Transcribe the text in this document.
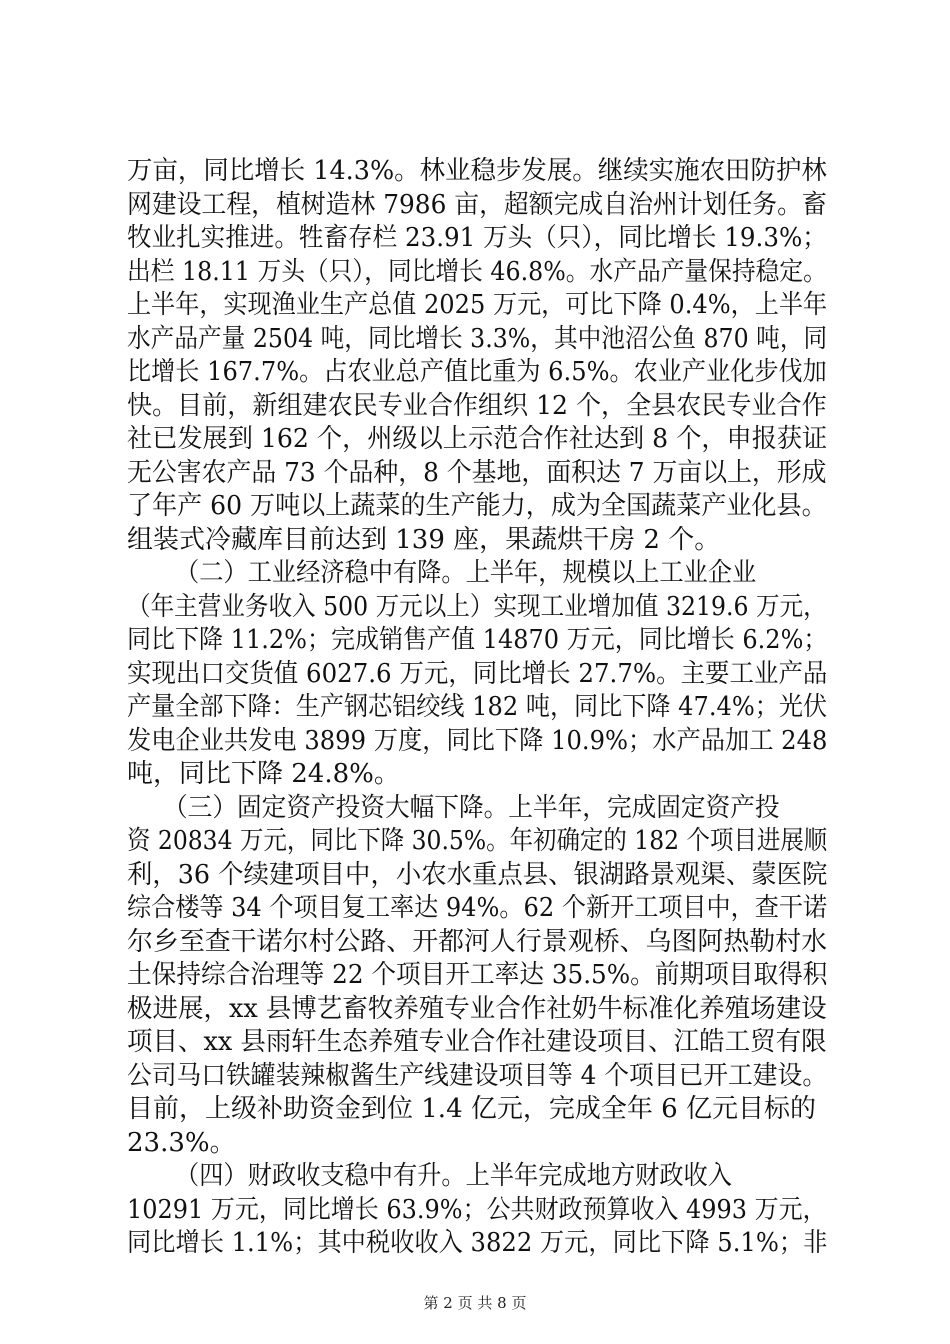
万亩，同比增长 14.3%。林业稳步发展。继续实施农田防护林
网建设工程，植树造林 7986 亩，超额完成自治州计划任务。畜
牧业扎实推进。牲畜存栏 23.91 万头（只），同比增长 19.3%；
出栏 18.11 万头（只），同比增长 46.8%。水产品产量保持稳定。
上半年，实现渔业生产总值 2025 万元，可比下降 0.4%，上半年
水产品产量 2504 吨，同比增长 3.3%，其中池沼公鱼 870 吨，同
比增长 167.7%。占农业总产值比重为 6.5%。农业产业化步伐加
快。目前，新组建农民专业合作组织 12 个，全县农民专业合作
社已发展到 162 个，州级以上示范合作社达到 8 个，申报获证
无公害农产品 73 个品种，8 个基地，面积达 7 万亩以上，形成
了年产 60 万吨以上蔬菜的生产能力，成为全国蔬菜产业化县。
组装式冷藏库目前达到 139 座，果蔬烘干房 2 个。
（二）工业经济稳中有降。上半年，规模以上工业企业
（年主营业务收入 500 万元以上）实现工业增加值 3219.6 万元，
同比下降 11.2%；完成销售产值 14870 万元，同比增长 6.2%；
实现出口交货值 6027.6 万元，同比增长 27.7%。主要工业产品
产量全部下降：生产钢芯铝绞线 182 吨，同比下降 47.4%；光伏
发电企业共发电 3899 万度，同比下降 10.9%；水产品加工 248
吨，同比下降 24.8%。
（三）固定资产投资大幅下降。上半年，完成固定资产投
资 20834 万元，同比下降 30.5%。年初确定的 182 个项目进展顺
利，36 个续建项目中，小农水重点县、银湖路景观渠、蒙医院
综合楼等 34 个项目复工率达 94%。62 个新开工项目中，查干诺
尔乡至查干诺尔村公路、开都河人行景观桥、乌图阿热勒村水
土保持综合治理等 22 个项目开工率达 35.5%。前期项目取得积
极进展，xx 县博艺畜牧养殖专业合作社奶牛标准化养殖场建设
项目、xx 县雨轩生态养殖专业合作社建设项目、江皓工贸有限
公司马口铁罐装辣椒酱生产线建设项目等 4 个项目已开工建设。
目前，上级补助资金到位 1.4 亿元，完成全年 6 亿元目标的
23.3%。
（四）财政收支稳中有升。上半年完成地方财政收入
10291 万元，同比增长 63.9%；公共财政预算收入 4993 万元，
同比增长 1.1%；其中税收收入 3822 万元，同比下降 5.1%；非
第 2 页 共 8 页
